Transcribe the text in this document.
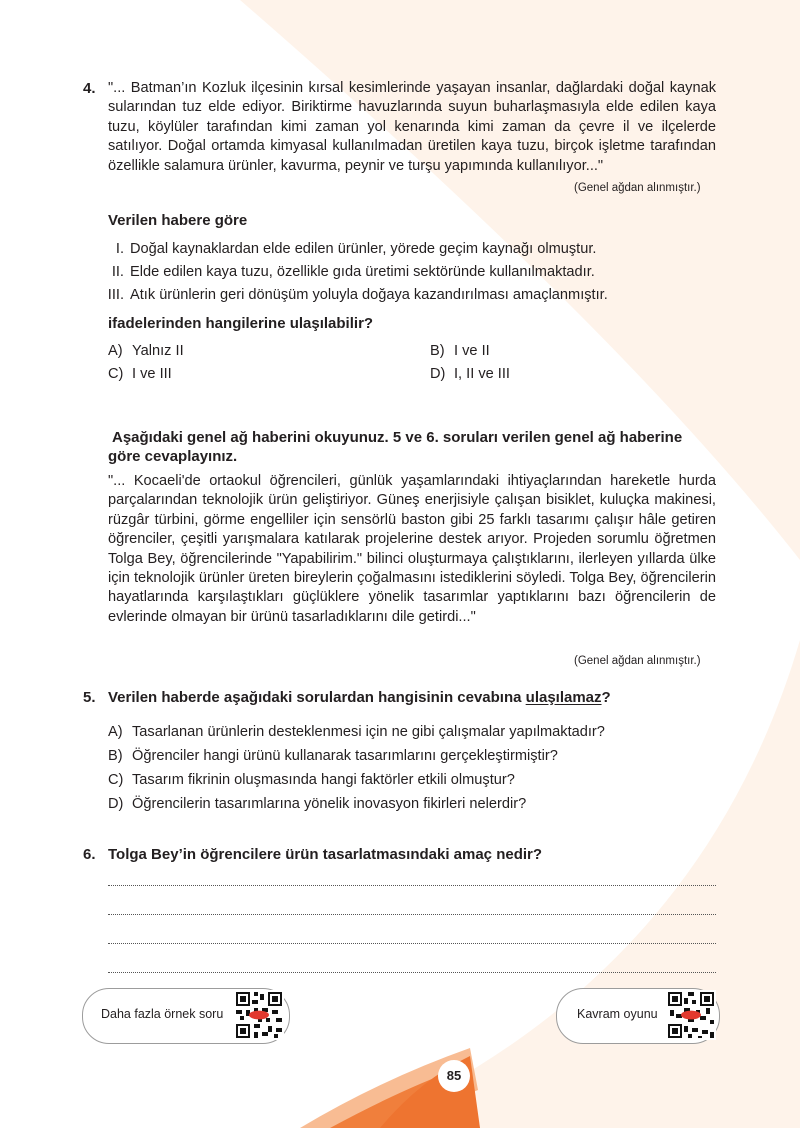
4. "... Batman’ın Kozluk ilçesinin kırsal kesimlerinde yaşayan insanlar, dağlardaki doğal kaynak sularından tuz elde ediyor. Biriktirme havuzlarında suyun buharlaşmasıyla elde edilen kaya tuzu, köylüler tarafından kimi zaman yol kenarında kimi zaman da çevre il ve ilçelerde satılıyor. Doğal ortamda kimyasal kullanılmadan üretilen kaya tuzu, birçok işletme tarafından özellikle salamura ürünler, kavurma, peynir ve turşu yapımında kullanılıyor..."
(Genel ağdan alınmıştır.)
Verilen habere göre
I. Doğal kaynaklardan elde edilen ürünler, yörede geçim kaynağı olmuştur.
II. Elde edilen kaya tuzu, özellikle gıda üretimi sektöründe kullanılmaktadır.
III. Atık ürünlerin geri dönüşüm yoluyla doğaya kazandırılması amaçlanmıştır.
ifadelerinden hangilerine ulaşılabilir?
A) Yalnız II	B) I ve II
C) I ve III	D) I, II ve III
Aşağıdaki genel ağ haberini okuyunuz. 5 ve 6. soruları verilen genel ağ haberine göre cevaplayınız.
"... Kocaeli'de ortaokul öğrencileri, günlük yaşamlarındaki ihtiyaçlarından hareketle hurda parçalarından teknolojik ürün geliştiriyor. Güneş enerjisiyle çalışan bisiklet, kuluçka makinesi, rüzgâr türbini, görme engelliler için sensörlü baston gibi 25 farklı tasarımı çalışır hâle getiren öğrenciler, çeşitli yarışmalara katılarak projelerine destek arıyor. Projeden sorumlu öğretmen Tolga Bey, öğrencilerinde "Yapabilirim." bilinci oluşturmaya çalıştıklarını, ilerleyen yıllarda ülke için teknolojik ürünler üreten bireylerin çoğalmasını istediklerini söyledi. Tolga Bey, öğrencilerin hayatlarında karşılaştıkları güçlüklere yönelik tasarımlar yaptıklarını bazı öğrencilerin de evlerinde olmayan bir ürünü tasarladıklarını dile getirdi..."
(Genel ağdan alınmıştır.)
5. Verilen haberde aşağıdaki sorulardan hangisinin cevabına ulaşılamaz?
A) Tasarlanan ürünlerin desteklenmesi için ne gibi çalışmalar yapılmaktadır?
B) Öğrenciler hangi ürünü kullanarak tasarımlarını gerçekleştirmiştir?
C) Tasarım fikrinin oluşmasında hangi faktörler etkili olmuştur?
D) Öğrencilerin tasarımlarına yönelik inovasyon fikirleri nelerdir?
6. Tolga Bey’in öğrencilere ürün tasarlatmasındaki amaç nedir?
Daha fazla örnek soru	Kavram oyunu
85
